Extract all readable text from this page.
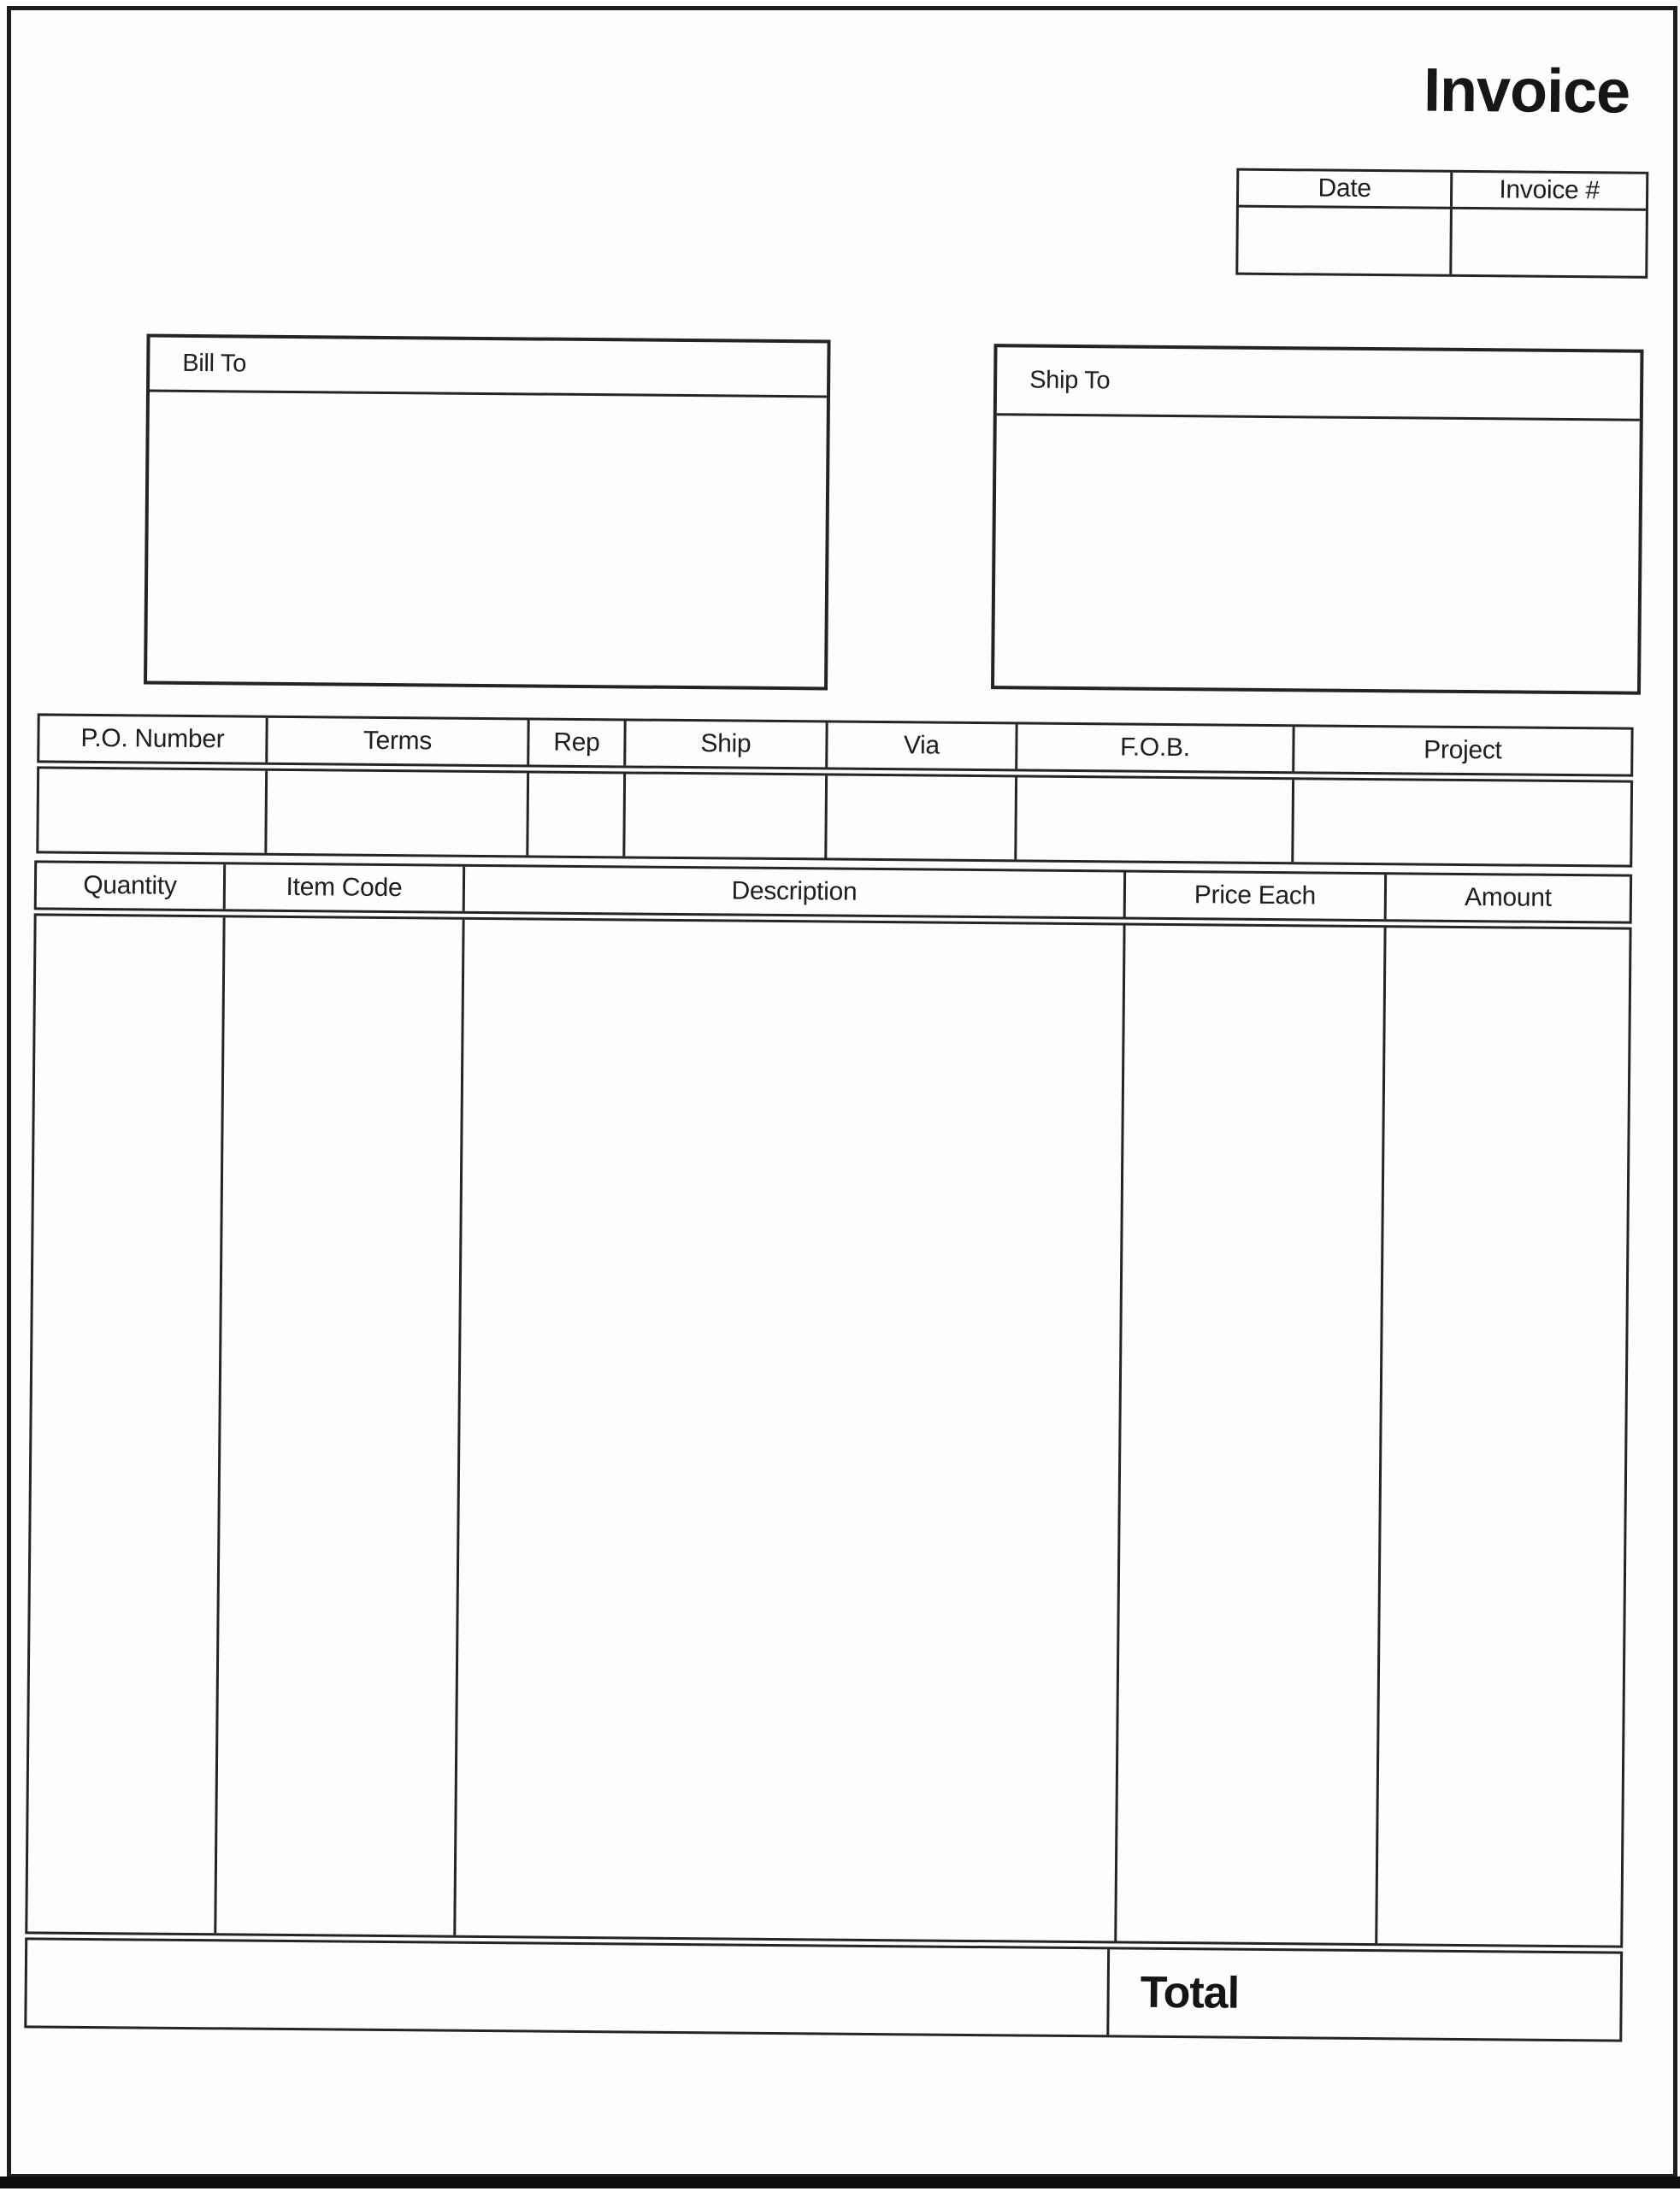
Invoice
Date	Invoice #
Bill To
Ship To
P.O. Number	Terms	Rep	Ship	Via	F.O.B.	Project
Quantity	Item Code	Description	Price Each	Amount
Total
